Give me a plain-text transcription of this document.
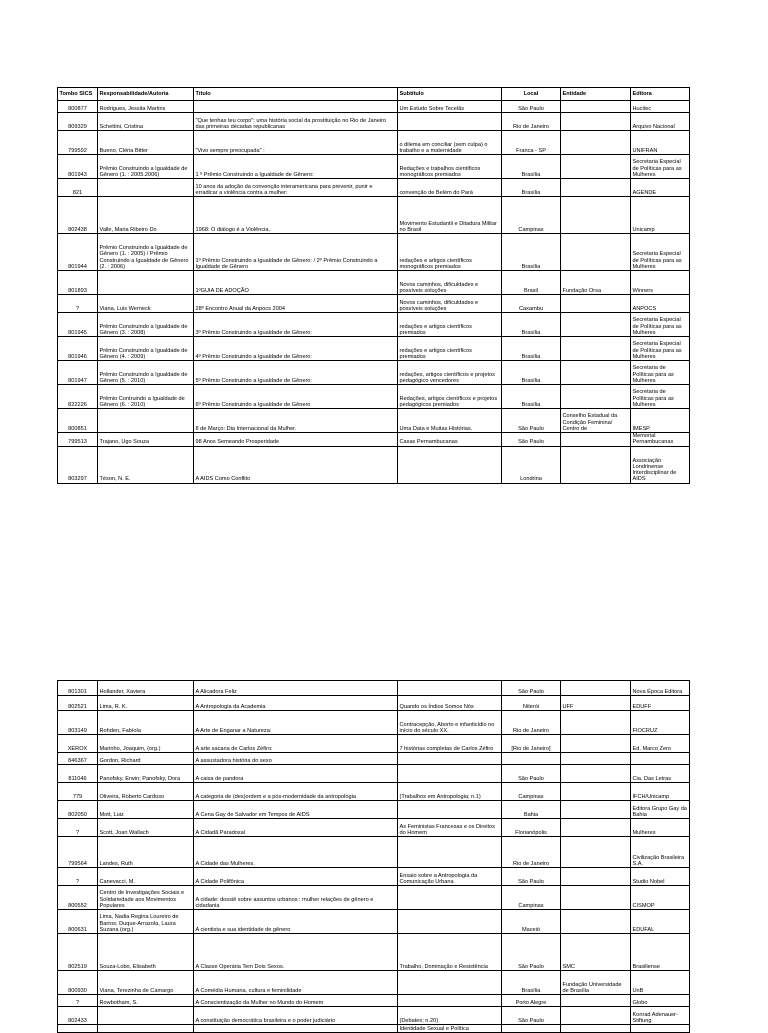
Tombo SICS	Responsabilidade/Autoria	Título	Subtítulo	Local	Entidade	Editora
800877	Rodrigues, Jessita Martins		Um Estudo Sobre Tecelãs	São Paulo		Hucitec
809329	Schettini, Cristina	"Que tenhas teu corpo": uma história social da prostituição no Rio de Janeiro das primeiras décadas republicanas		Rio de Janeiro		Arquivo Nacional
799592	Bueno, Cléria Bitter	"Vivo sempre preocupada" :	o dilema em conciliar (sem culpa) o trabalho e a maternidade	Franca - SP		UNIFRAN
801943	Prêmio Construindo a Igualdade de Gênero (1. : 2005.2006)	1 º Prêmio Construindo a Igualdade de Gênero:	Redações e trabalhos científicos monográficos premiados	Brasília		Secretaria Especial de Políticas para as Mulheres
821		10 anos da adoção da convenção interamericana para prevenir, punir e erradicar a violência contra a mulher:	convenção de Belém do Pará	Brasília		AGENDE
802438	Valle, Maria Ribeiro Do	1968: O diálogo é a Violência.	Movimento Estudantil e Ditadura Militar no Brasil	Campinas		Unicamp
801944	Prêmio Construindo a Igualdade de Gênero (1. : 2005) / Prêmio Construindo a Igualdade de Gênero (2. : 2006)	1º Prêmio Construindo a Igualdade de Gênero: / 2º Prêmio Construindo a Igualdade de Gênero	redações e artigos científicos monográficos premiados	Brasília		Secretaria Especial de Políticas para as Mulheres
801893		1ºGUIA DE ADOÇÃO	Novos caminhos, dificuldades e possíveis soluções	Brasil	Fundação Orsa	Winners
?	Viana, Luis Werneck	28º Encontro Anual da Anpocs 2004	Novos caminhos, dificuldades e possíveis soluções	Caxambu		ANPOCS
801945	Prêmio Construindo a Igualdade de Gênero (3. : 2008)	3º Prêmio Construindo a Igualdade de Gênero:	redações e artigos científicos premiados	Brasília		Secretaria Especial de Políticas para as Mulheres
801946	Prêmio Construindo a Igualdade de Gênero (4. : 2009)	4º Prêmio Construindo a Igualdade de Gênero:	redações e artigos científicos premiados	Brasília		Secretaria Especial de Políticas para as Mulheres
801947	Prêmio Construindo a Igualdade de Gênero (5. : 2010)	5º Prêmio Construindo a Igualdade de Gênero:	redações, artigos científicos e projetos pedagógico vencedores	Brasília		Secretaria de Políticas para as Mulheres
822226	Prêmio Contruindo a Igualdade de Gênero (6. : 2010)	6º Prêmio Construindo a Igualdade de Gênero	Redações, artigos científicos e projetos pedagógicos premiados	Brasília		Secretaria de Políticas para as Mulheres
800851		8 de Março: Dia Internacional da Mulher.	Uma Data e Muitas Histórias.	São Paulo	Conselho Estadual da Condição Feminina/ Centro de	IMESP
799513	Trajano, Ugo Souza	98 Anos Semeando Prosperidade	Casas Pernambucanas	São Paulo		Memorial Pernambucanas
803297	Téson, N. E.	A AIDS Como Conflito		Londrina		Associação Londrinense Interdisciplinar de AIDS
801301	Hollander, Xaviera	A Alicadora Feliz		São Paulo		Nova Época Editora
802521	Lima, R. K.	A Antropologia da Academia	Quando os Índios Somos Nós	Niterói	UFF	EDUFF
803149	Rohden, Fabíola	A Arte de Enganar a Natureza:	Contracepção, Aborto e infanticídio no início do século XX.	Rio de Janeiro		FIOCRUZ
XEROX	Marinho, Joaquim, (org.)	A arte sacana de Carlos Zéfiro:	7 histórias completas de Carlos Zéfiro	[Rio de Janeiro]		Ed. Marco Zero
846367	Gordon, Richard	A assustadora história do sexo				
811046	Panofsky, Erwin; Panofsky, Dora	A caixa de pandora		São Paulo		Cia. Das Letras
779	Oliveira, Roberto Cardoso	A categoria de (des)ordem e a pós-modernidade da antropologia	(Trabalhos em Antropologia; n.1)	Campinas		IFCH/Unicamp
802050	Mott, Luiz	A Cena Gay de Salvador em Tempos de AIDS		Bahia		Editora Grupo Gay da Bahia
?	Scott, Joan Wallach	A Cidadã Paradoxal	As Feministas Francesas e os Direitos do Homem	Florianópolis		Mulheres
799564	Landes, Ruth	A Cidade das Mulheres.		Rio de Janeiro		Civilização Brasileira S.A.
?	Canevacci, M.	A Cidade Polifônica	Ensaio sobre a Antropologia da Comunicação Urbana	São Paulo		Studio Nobel
800552	Centro de Investigações Sociais e Solidariedade aos Movimentos Populares	A cidade: dossiê sobre assuntos urbanos : mulher relações de gênero e cidadania		Campinas		CISMOP
800631	Lima, Nadia Regina Loureiro de Barros; Duque-Arrazola, Laura Suzana (org.)	A cientista e sua identidade de gênero		Maceió		EDUFAL
802519	Souza-Lobo, Elisabeth	A Classe Operária Tem Dois Sexos.	Trabalho, Dominação e Resistência	São Paulo	SMC	Brasiliense
800930	Viana, Terezinha de Camargo	A Comédia Humana, cultura e feminilidade		Brasília	Fundação Universidade de Brasília	UnB
?	Rowbotham, S.	A Conscientização da Mulher no Mundo do Homem		Porto Alegre		Globo
802433		A constituição democrática brasileira e o poder judiciário	(Debates; n.20)	São Paulo		Konrad Adenauer-Stiftung
			Identidade Sexual e Política			
